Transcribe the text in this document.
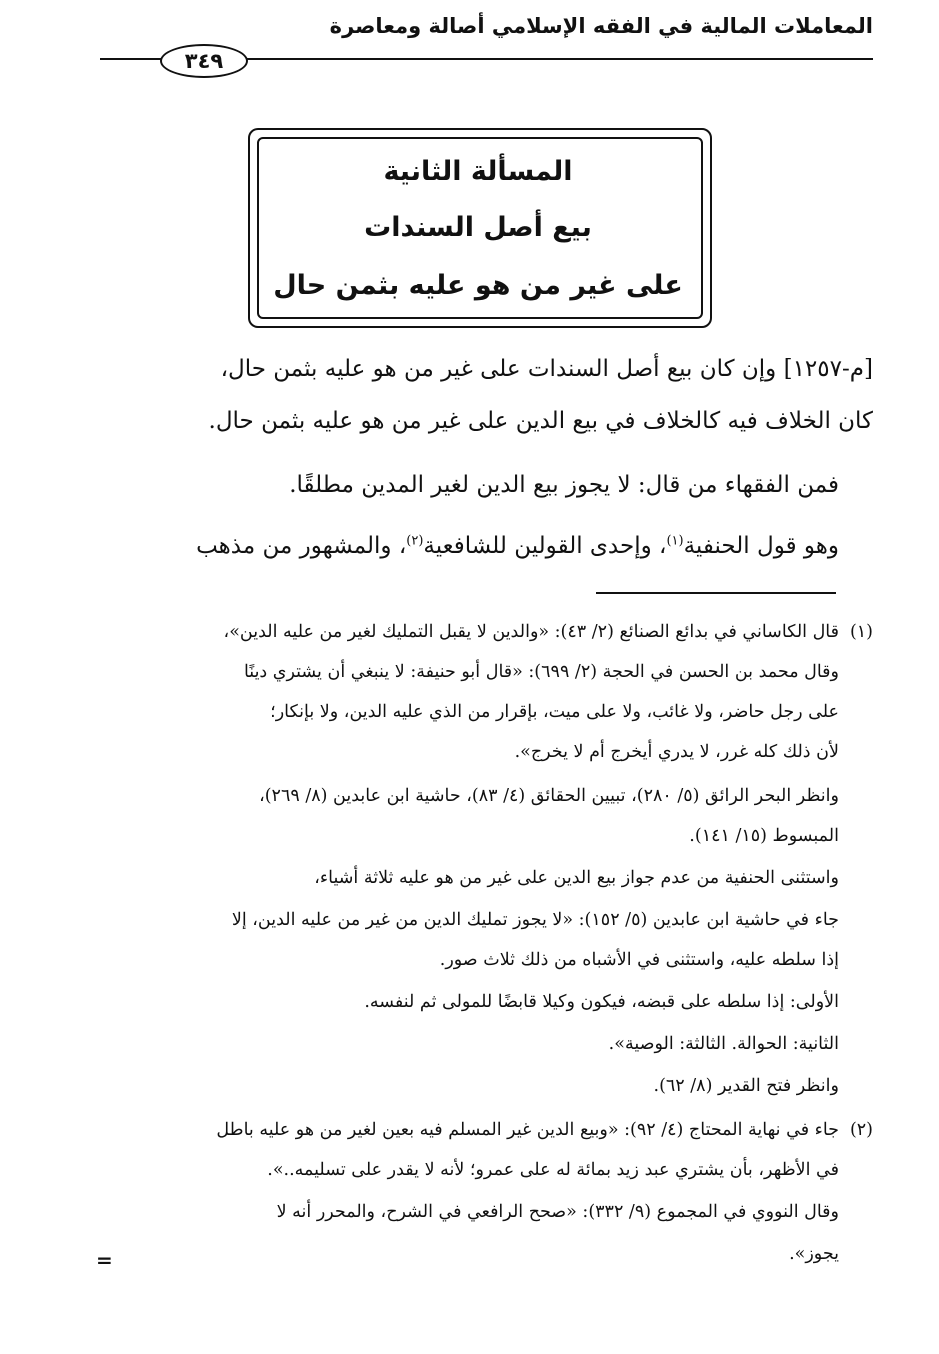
المعاملات المالية في الفقه الإسلامي أصالة ومعاصرة
٣٤٩
المسألة الثانية
بيع أصل السندات
على غير من هو عليه بثمن حال
[م-١٢٥٧] وإن كان بيع أصل السندات على غير من هو عليه بثمن حال،
كان الخلاف فيه كالخلاف في بيع الدين على غير من هو عليه بثمن حال.
فمن الفقهاء من قال: لا يجوز بيع الدين لغير المدين مطلقًا.
وهو قول الحنفية$^{(١)}$، وإحدى القولين للشافعية$^{(٢)}$، والمشهور من مذهب
(١)
قال الكاساني في بدائع الصنائع (٢/ ٤٣): «والدين لا يقبل التمليك لغير من عليه الدين»،
وقال محمد بن الحسن في الحجة (٢/ ٦٩٩): «قال أبو حنيفة: لا ينبغي أن يشتري دينًا
على رجل حاضر، ولا غائب، ولا على ميت، بإقرار من الذي عليه الدين، ولا بإنكار؛
لأن ذلك كله غرر، لا يدري أيخرج أم لا يخرج».
وانظر البحر الرائق (٥/ ٢٨٠)، تبيين الحقائق (٤/ ٨٣)، حاشية ابن عابدين (٨/ ٢٦٩)،
المبسوط (١٥/ ١٤١).
واستثنى الحنفية من عدم جواز بيع الدين على غير من هو عليه ثلاثة أشياء،
جاء في حاشية ابن عابدين (٥/ ١٥٢): «لا يجوز تمليك الدين من غير من عليه الدين، إلا
إذا سلطه عليه، واستثنى في الأشباه من ذلك ثلاث صور.
الأولى: إذا سلطه على قبضه، فيكون وكيلا قابضًا للمولى ثم لنفسه.
الثانية: الحوالة. الثالثة: الوصية».
وانظر فتح القدير (٨/ ٦٢).
(٢)
جاء في نهاية المحتاج (٤/ ٩٢): «وبيع الدين غير المسلم فيه بعين لغير من هو عليه باطل
في الأظهر، بأن يشتري عبد زيد بمائة له على عمرو؛ لأنه لا يقدر على تسليمه..».
وقال النووي في المجموع (٩/ ٣٣٢): «صحح الرافعي في الشرح، والمحرر أنه لا
يجوز».
=
